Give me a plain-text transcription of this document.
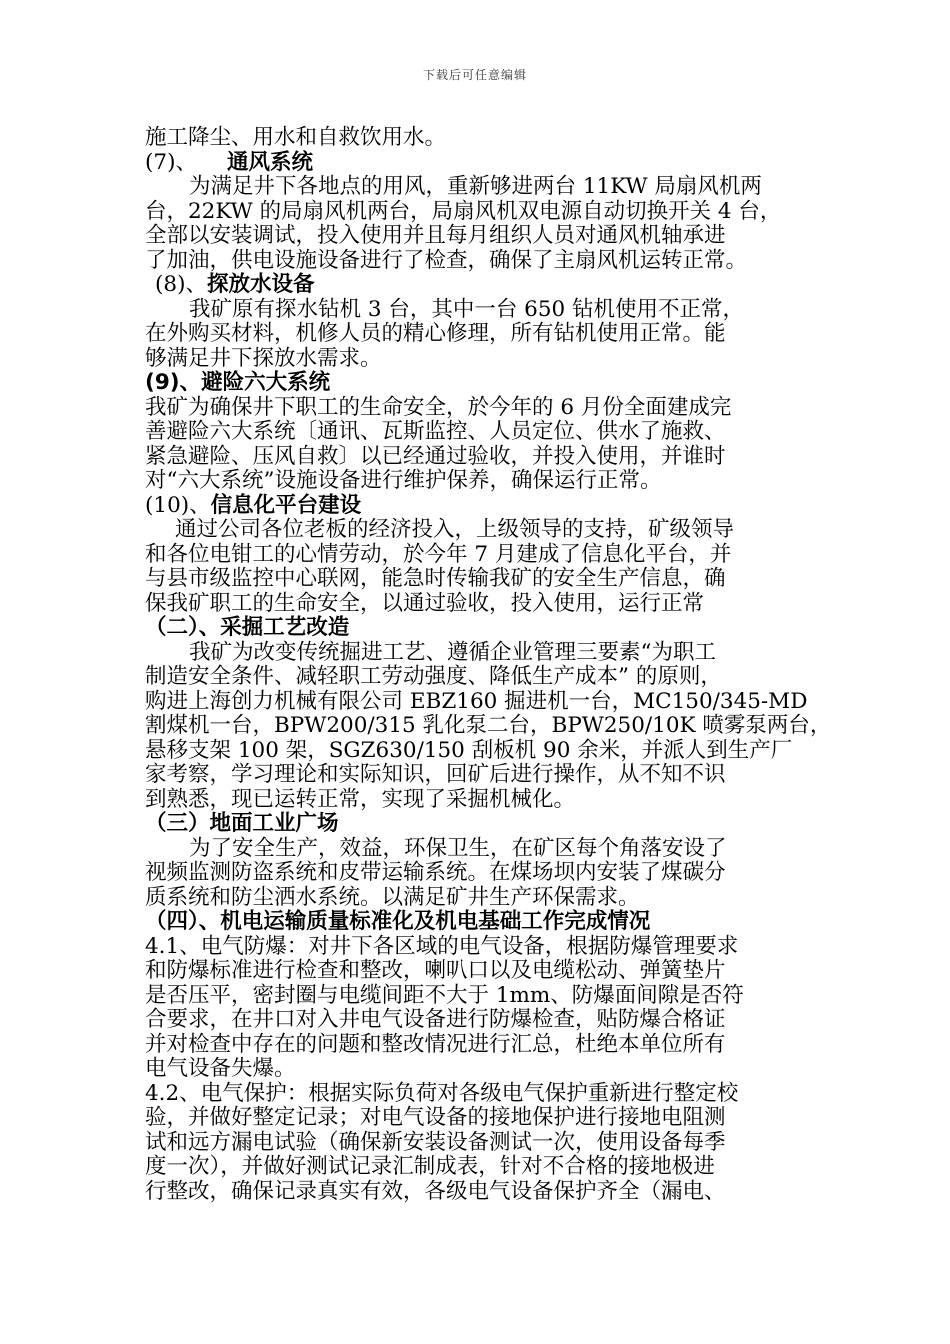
下载后可任意编辑
施工降尘、用水和自救饮用水。
(7)、 通风系统
为满足井下各地点的用风，重新够进两台 11KW 局扇风机两
台，22KW 的局扇风机两台，局扇风机双电源自动切换开关 4 台，
全部以安装调试，投入使用并且每月组织人员对通风机轴承进
了加油，供电设施设备进行了检查，确保了主扇风机运转正常。
(8)、探放水设备
我矿原有探水钻机 3 台，其中一台 650 钻机使用不正常，
在外购买材料，机修人员的精心修理，所有钻机使用正常。能
够满足井下探放水需求。
(9)、避险六大系统
我矿为确保井下职工的生命安全，於今年的 6 月份全面建成完
善避险六大系统〔通讯、瓦斯监控、人员定位、供水了施救、
紧急避险、压风自救〕以已经通过验收，并投入使用，并谁时
对“六大系统”设施设备进行维护保养，确保运行正常。
(10)、信息化平台建设
通过公司各位老板的经济投入，上级领导的支持，矿级领导
和各位电钳工的心情劳动，於今年 7 月建成了信息化平台，并
与县市级监控中心联网，能急时传输我矿的安全生产信息，确
保我矿职工的生命安全，以通过验收，投入使用，运行正常
（二）、采掘工艺改造
我矿为改变传统掘进工艺、遵循企业管理三要素“为职工
制造安全条件、减轻职工劳动强度、降低生产成本” 的原则，
购进上海创力机械有限公司 EBZ160 掘进机一台，MC150/345-MD
割煤机一台，BPW200/315 乳化泵二台，BPW250/10K 喷雾泵两台，
悬移支架 100 架，SGZ630/150 刮板机 90 余米，并派人到生产厂
家考察，学习理论和实际知识，回矿后进行操作，从不知不识
到熟悉，现已运转正常，实现了采掘机械化。
（三）地面工业广场
为了安全生产，效益，环保卫生，在矿区每个角落安设了
视频监测防盗系统和皮带运输系统。在煤场坝内安装了煤碳分
质系统和防尘洒水系统。以满足矿井生产环保需求。
（四）、机电运输质量标准化及机电基础工作完成情况
4.1、电气防爆：对井下各区域的电气设备，根据防爆管理要求
和防爆标准进行检查和整改，喇叭口以及电缆松动、弹簧垫片
是否压平，密封圈与电缆间距不大于 1mm、防爆面间隙是否符
合要求，在井口对入井电气设备进行防爆检查，贴防爆合格证
并对检查中存在的问题和整改情况进行汇总，杜绝本单位所有
电气设备失爆。
4.2、电气保护：根据实际负荷对各级电气保护重新进行整定校
验，并做好整定记录；对电气设备的接地保护进行接地电阻测
试和远方漏电试验（确保新安装设备测试一次，使用设备每季
度一次），并做好测试记录汇制成表，针对不合格的接地极进
行整改，确保记录真实有效，各级电气设备保护齐全（漏电、
